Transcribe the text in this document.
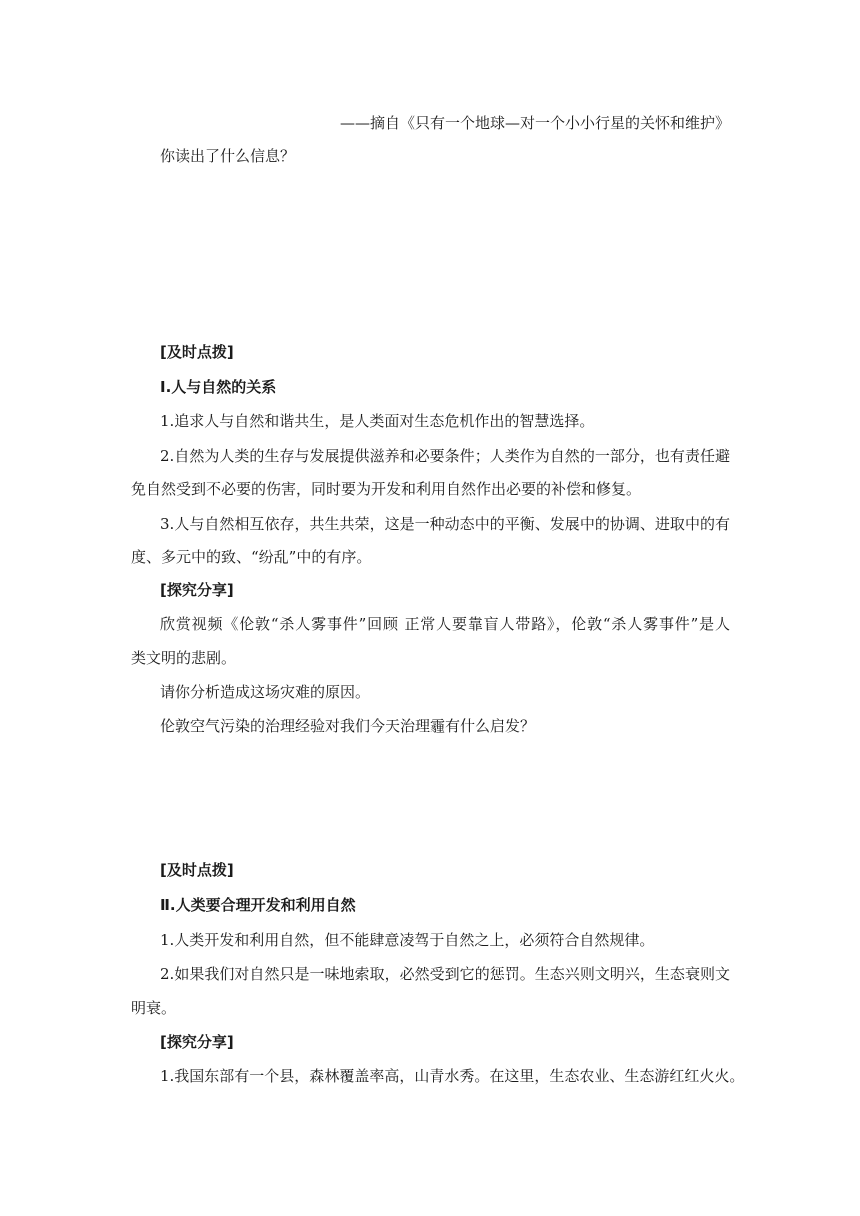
——摘自《只有一个地球—对一个小小行星的关怀和维护》
你读出了什么信息？
[及时点拨]
Ⅰ.人与自然的关系
1.追求人与自然和谐共生，是人类面对生态危机作出的智慧选择。
2.自然为人类的生存与发展提供滋养和必要条件；人类作为自然的一部分，也有责任避
免自然受到不必要的伤害，同时要为开发和利用自然作出必要的补偿和修复。
3.人与自然相互依存，共生共荣，这是一种动态中的平衡、发展中的协调、进取中的有
度、多元中的致、“纷乱”中的有序。
[探究分享]
欣赏视频《伦敦“杀人雾事件”回顾 正常人要靠盲人带路》，伦敦“杀人雾事件”是人
类文明的悲剧。
请你分析造成这场灾难的原因。
伦敦空气污染的治理经验对我们今天治理霾有什么启发？
[及时点拨]
Ⅱ.人类要合理开发和利用自然
1.人类开发和利用自然，但不能肆意凌驾于自然之上，必须符合自然规律。
2.如果我们对自然只是一味地索取，必然受到它的惩罚。生态兴则文明兴，生态衰则文
明衰。
[探究分享]
1.我国东部有一个县，森林覆盖率高，山青水秀。在这里，生态农业、生态游红红火火。
